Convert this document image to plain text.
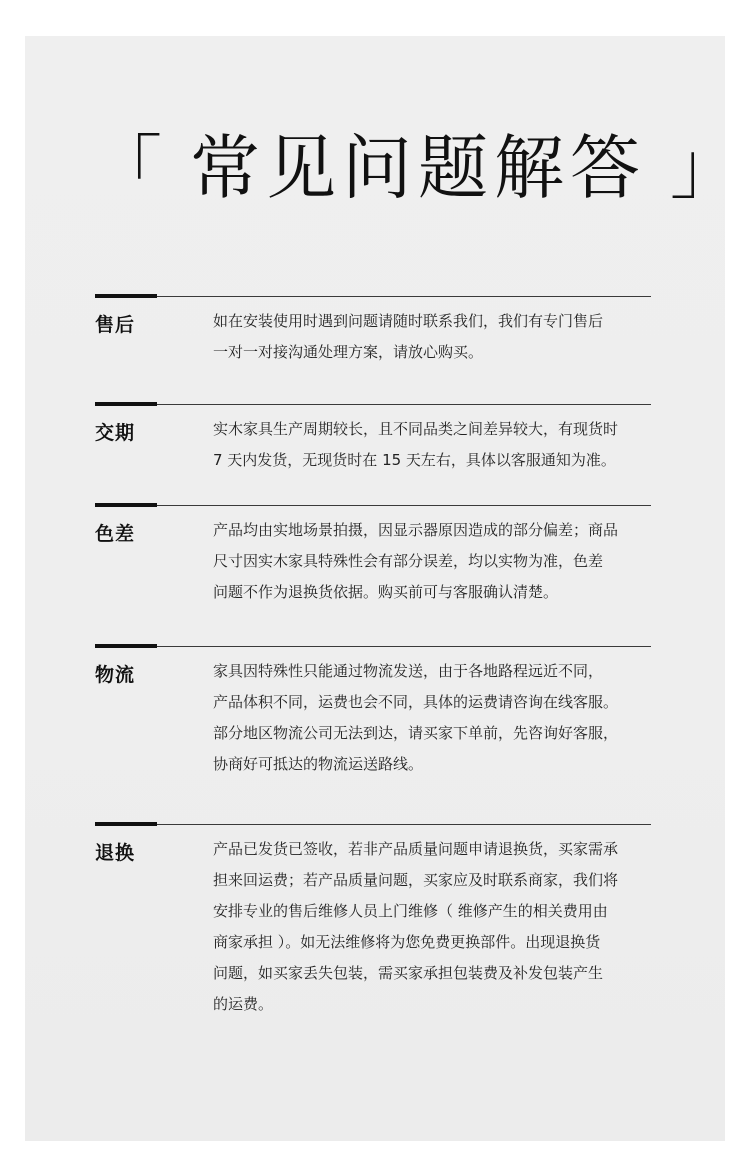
「 常见问题解答 」
售后	如在安装使用时遇到问题请随时联系我们，我们有专门售后
一对一对接沟通处理方案，请放心购买。

交期	实木家具生产周期较长，且不同品类之间差异较大，有现货时
7 天内发货，无现货时在 15 天左右，具体以客服通知为准。

色差	产品均由实地场景拍摄，因显示器原因造成的部分偏差；商品
尺寸因实木家具特殊性会有部分误差，均以实物为准，色差
问题不作为退换货依据。购买前可与客服确认清楚。

物流	家具因特殊性只能通过物流发送，由于各地路程远近不同，
产品体积不同，运费也会不同，具体的运费请咨询在线客服。
部分地区物流公司无法到达，请买家下单前，先咨询好客服，
协商好可抵达的物流运送路线。

退换	产品已发货已签收，若非产品质量问题申请退换货，买家需承
担来回运费；若产品质量问题，买家应及时联系商家，我们将
安排专业的售后维修人员上门维修（ 维修产生的相关费用由
商家承担 ）。如无法维修将为您免费更换部件。出现退换货
问题，如买家丢失包装，需买家承担包装费及补发包装产生
的运费。
